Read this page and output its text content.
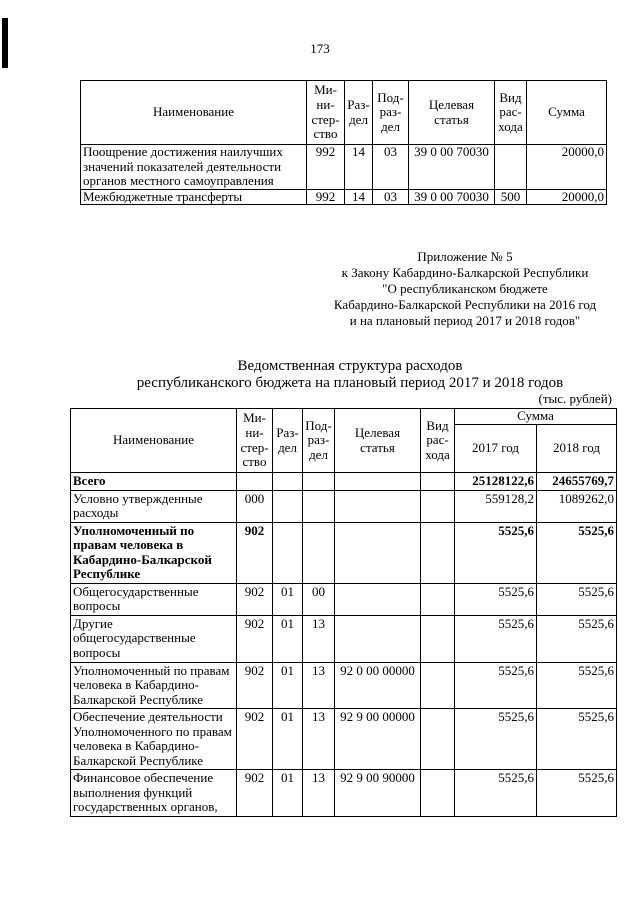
173
Наименование	Ми-ни-стер-ство	Раз-дел	Под-раз-дел	Целевая статья	Вид рас-хода	Сумма
Поощрение достижения наилучших значений показателей деятельности органов местного самоуправления	992	14	03	39 0 00 70030		20000,0
Межбюджетные трансферты	992	14	03	39 0 00 70030	500	20000,0
Приложение № 5
к Закону Кабардино-Балкарской Республики
"О республиканском бюджете
Кабардино-Балкарской Республики на 2016 год
и на плановый период 2017 и 2018 годов"
Ведомственная структура расходов
республиканского бюджета на плановый период 2017 и 2018 годов
(тыс. рублей)
Наименование	Ми-ни-стер-ство	Раз-дел	Под-раз-дел	Целевая статья	Вид рас-хода	Сумма	
						2017 год	2018 год
Всего						25128122,6	24655769,7
Условно утвержденные расходы	000					559128,2	1089262,0
Уполномоченный по правам человека в Кабардино-Балкарской Республике	902					5525,6	5525,6
Общегосударственные вопросы	902	01	00			5525,6	5525,6
Другие общегосударственные вопросы	902	01	13			5525,6	5525,6
Уполномоченный по правам человека в Кабардино-Балкарской Республике	902	01	13	92 0 00 00000		5525,6	5525,6
Обеспечение деятельности Уполномоченного по правам человека в Кабардино-Балкарской Республике	902	01	13	92 9 00 00000		5525,6	5525,6
Финансовое обеспечение выполнения функций государственных органов,	902	01	13	92 9 00 90000		5525,6	5525,6
